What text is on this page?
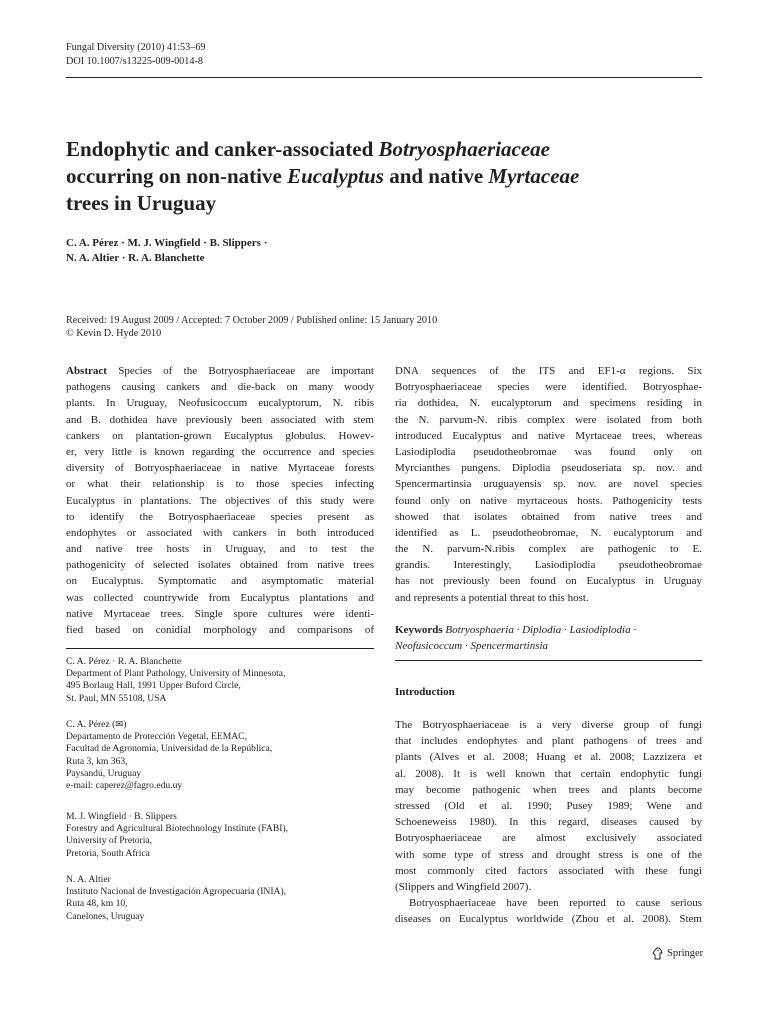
Fungal Diversity (2010) 41:53–69
DOI 10.1007/s13225-009-0014-8
Endophytic and canker-associated Botryosphaeriaceae
occurring on non-native Eucalyptus and native Myrtaceae
trees in Uruguay
C. A. Pérez · M. J. Wingfield · B. Slippers ·
N. A. Altier · R. A. Blanchette
Received: 19 August 2009 / Accepted: 7 October 2009 / Published online: 15 January 2010
© Kevin D. Hyde 2010
Abstract Species of the Botryosphaeriaceae are important
pathogens causing cankers and die-back on many woody
plants. In Uruguay, Neofusicoccum eucalyptorum, N. ribis
and B. dothidea have previously been associated with stem
cankers on plantation-grown Eucalyptus globulus. Howev-
er, very little is known regarding the occurrence and species
diversity of Botryosphaeriaceae in native Myrtaceae forests
or what their relationship is to those species infecting
Eucalyptus in plantations. The objectives of this study were
to identify the Botryosphaeriaceae species present as
endophytes or associated with cankers in both introduced
and native tree hosts in Uruguay, and to test the
pathogenicity of selected isolates obtained from native trees
on Eucalyptus. Symptomatic and asymptomatic material
was collected countrywide from Eucalyptus plantations and
native Myrtaceae trees. Single spore cultures were identi-
fied based on conidial morphology and comparisons of
C. A. Pérez · R. A. Blanchette
Department of Plant Pathology, University of Minnesota,
495 Borlaug Hall, 1991 Upper Buford Circle,
St. Paul, MN 55108, USA
C. A. Pérez (✉)
Departamento de Protección Vegetal, EEMAC,
Facultad de Agronomía, Universidad de la República,
Ruta 3, km 363,
Paysandú, Uruguay
e-mail: caperez@fagro.edu.uy
M. J. Wingfield · B. Slippers
Forestry and Agricultural Biotechnology Institute (FABI),
University of Pretoria,
Pretoria, South Africa
N. A. Altier
Instituto Nacional de Investigación Agropecuaria (INIA),
Ruta 48, km 10,
Canelones, Uruguay
DNA sequences of the ITS and EF1-α regions. Six
Botryosphaeriaceae species were identified. Botryosphae-
ria dothidea, N. eucalyptorum and specimens residing in
the N. parvum-N. ribis complex were isolated from both
introduced Eucalyptus and native Myrtaceae trees, whereas
Lasiodiplodia pseudotheobromae was found only on
Myrcianthes pungens. Diplodia pseudoseriata sp. nov. and
Spencermartinsia uruguayensis sp. nov. are novel species
found only on native myrtaceous hosts. Pathogenicity tests
showed that isolates obtained from native trees and
identified as L. pseudotheobromae, N. eucalyptorum and
the N. parvum-N.ribis complex are pathogenic to E.
grandis. Interestingly, Lasiodiplodia pseudotheobromae
has not previously been found on Eucalyptus in Uruguay
and represents a potential threat to this host.
Keywords Botryosphaeria · Diplodia · Lasiodiplodia ·
Neofusicoccum · Spencermartinsia
Introduction
The Botryosphaeriaceae is a very diverse group of fungi
that includes endophytes and plant pathogens of trees and
plants (Alves et al. 2008; Huang et al. 2008; Lazzizera et
al. 2008). It is well known that certain endophytic fungi
may become pathogenic when trees and plants become
stressed (Old et al. 1990; Pusey 1989; Wene and
Schoeneweiss 1980). In this regard, diseases caused by
Botryosphaeriaceae are almost exclusively associated
with some type of stress and drought stress is one of the
most commonly cited factors associated with these fungi
(Slippers and Wingfield 2007).
Botryosphaeriaceae have been reported to cause serious
diseases on Eucalyptus worldwide (Zhou et al. 2008). Stem
Springer
